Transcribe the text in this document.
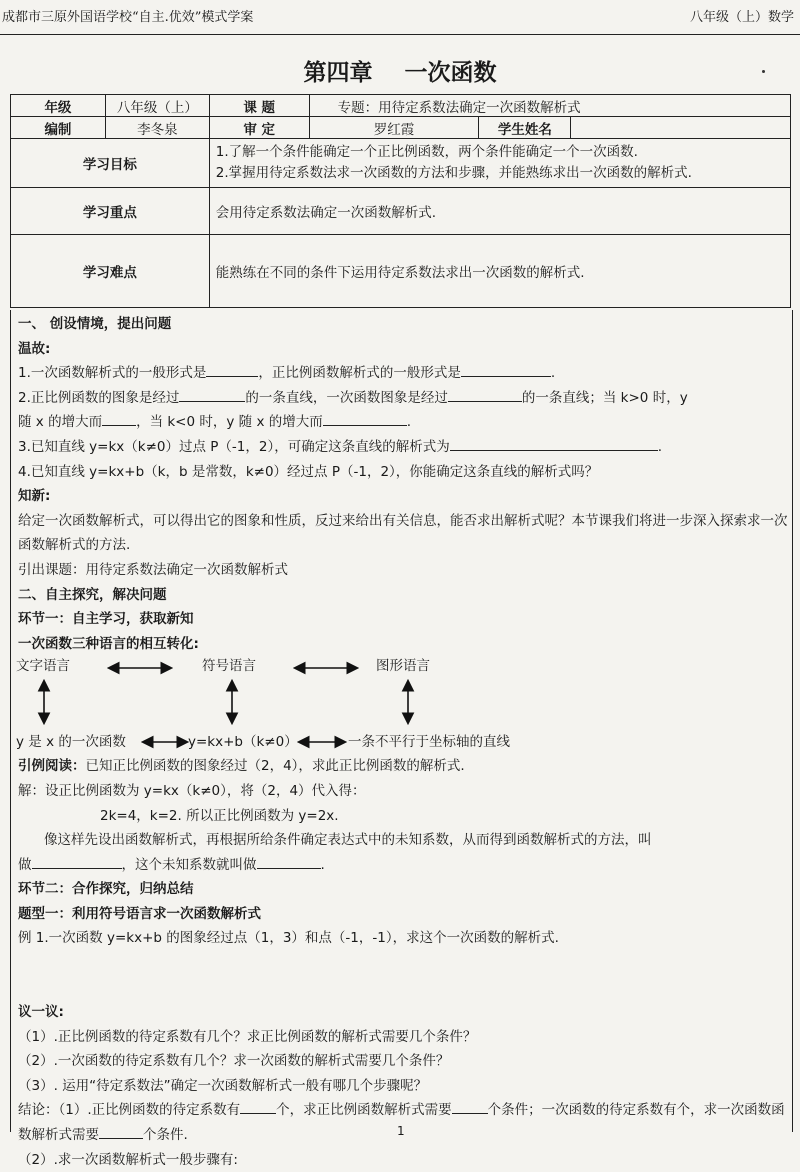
成都市三原外国语学校“自主.优效”模式学案	八年级（上）数学
第四章    一次函数
年级	八年级（上）	课 题	专题：用待定系数法确定一次函数解析式		
编制	李冬泉	审 定	罗红霞	学生姓名	
学习目标		1.了解一个条件能确定一个正比例函数，两个条件能确定一个一次函数.
2.掌握用待定系数法求一次函数的方法和步骤，并能熟练求出一次函数的解析式.			

学习重点		会用待定系数法确定一次函数解析式.			
学习难点		能熟练在不同的条件下运用待定系数法求出一次函数的解析式.			
一、 创设情境，提出问题
温故:
1.一次函数解析式的一般形式是	，正比例函数解析式的一般形式是	.
2.正比例函数的图象是经过	的一条直线，一次函数图象是经过	的一条直线；当 k>0 时，y
随 x 的增大而	，当 k<0 时，y 随 x 的增大而	.
3.已知直线 y=kx（k≠0）过点 P（-1，2），可确定这条直线的解析式为	.
4.已知直线 y=kx+b（k，b 是常数，k≠0）经过点 P（-1，2），你能确定这条直线的解析式吗？
知新:
给定一次函数解析式，可以得出它的图象和性质，反过来给出有关信息，能否求出解析式呢？本节课我们将进一步深入探索求一次函数解析式的方法.
引出课题：用待定系数法确定一次函数解析式
二、自主探究，解决问题
环节一：自主学习，获取新知
一次函数三种语言的相互转化:
文字语言	符号语言	图形语言
y 是 x 的一次函数	y=kx+b（k≠0）	一条不平行于坐标轴的直线
引例阅读：已知正比例函数的图象经过（2，4），求此正比例函数的解析式.
解：设正比例函数为 y=kx（k≠0），将（2，4）代入得：
2k=4，k=2. 所以正比例函数为 y=2x.
像这样先设出函数解析式，再根据所给条件确定表达式中的未知系数，从而得到函数解析式的方法，叫
做	，这个未知系数就叫做	.
环节二：合作探究，归纳总结
题型一：利用符号语言求一次函数解析式
例 1.一次函数 y=kx+b 的图象经过点（1，3）和点（-1，-1），求这个一次函数的解析式.
议一议:
（1）.正比例函数的待定系数有几个？求正比例函数的解析式需要几个条件？
（2）.一次函数的待定系数有几个？求一次函数的解析式需要几个条件？
（3）. 运用“待定系数法”确定一次函数解析式一般有哪几个步骤呢？
结论：（1）.正比例函数的待定系数有	个，求正比例函数解析式需要	个条件；一次函数的待定系数有个，求一次函数函数解析式需要	个条件.
（2）.求一次函数解析式一般步骤有:
1
